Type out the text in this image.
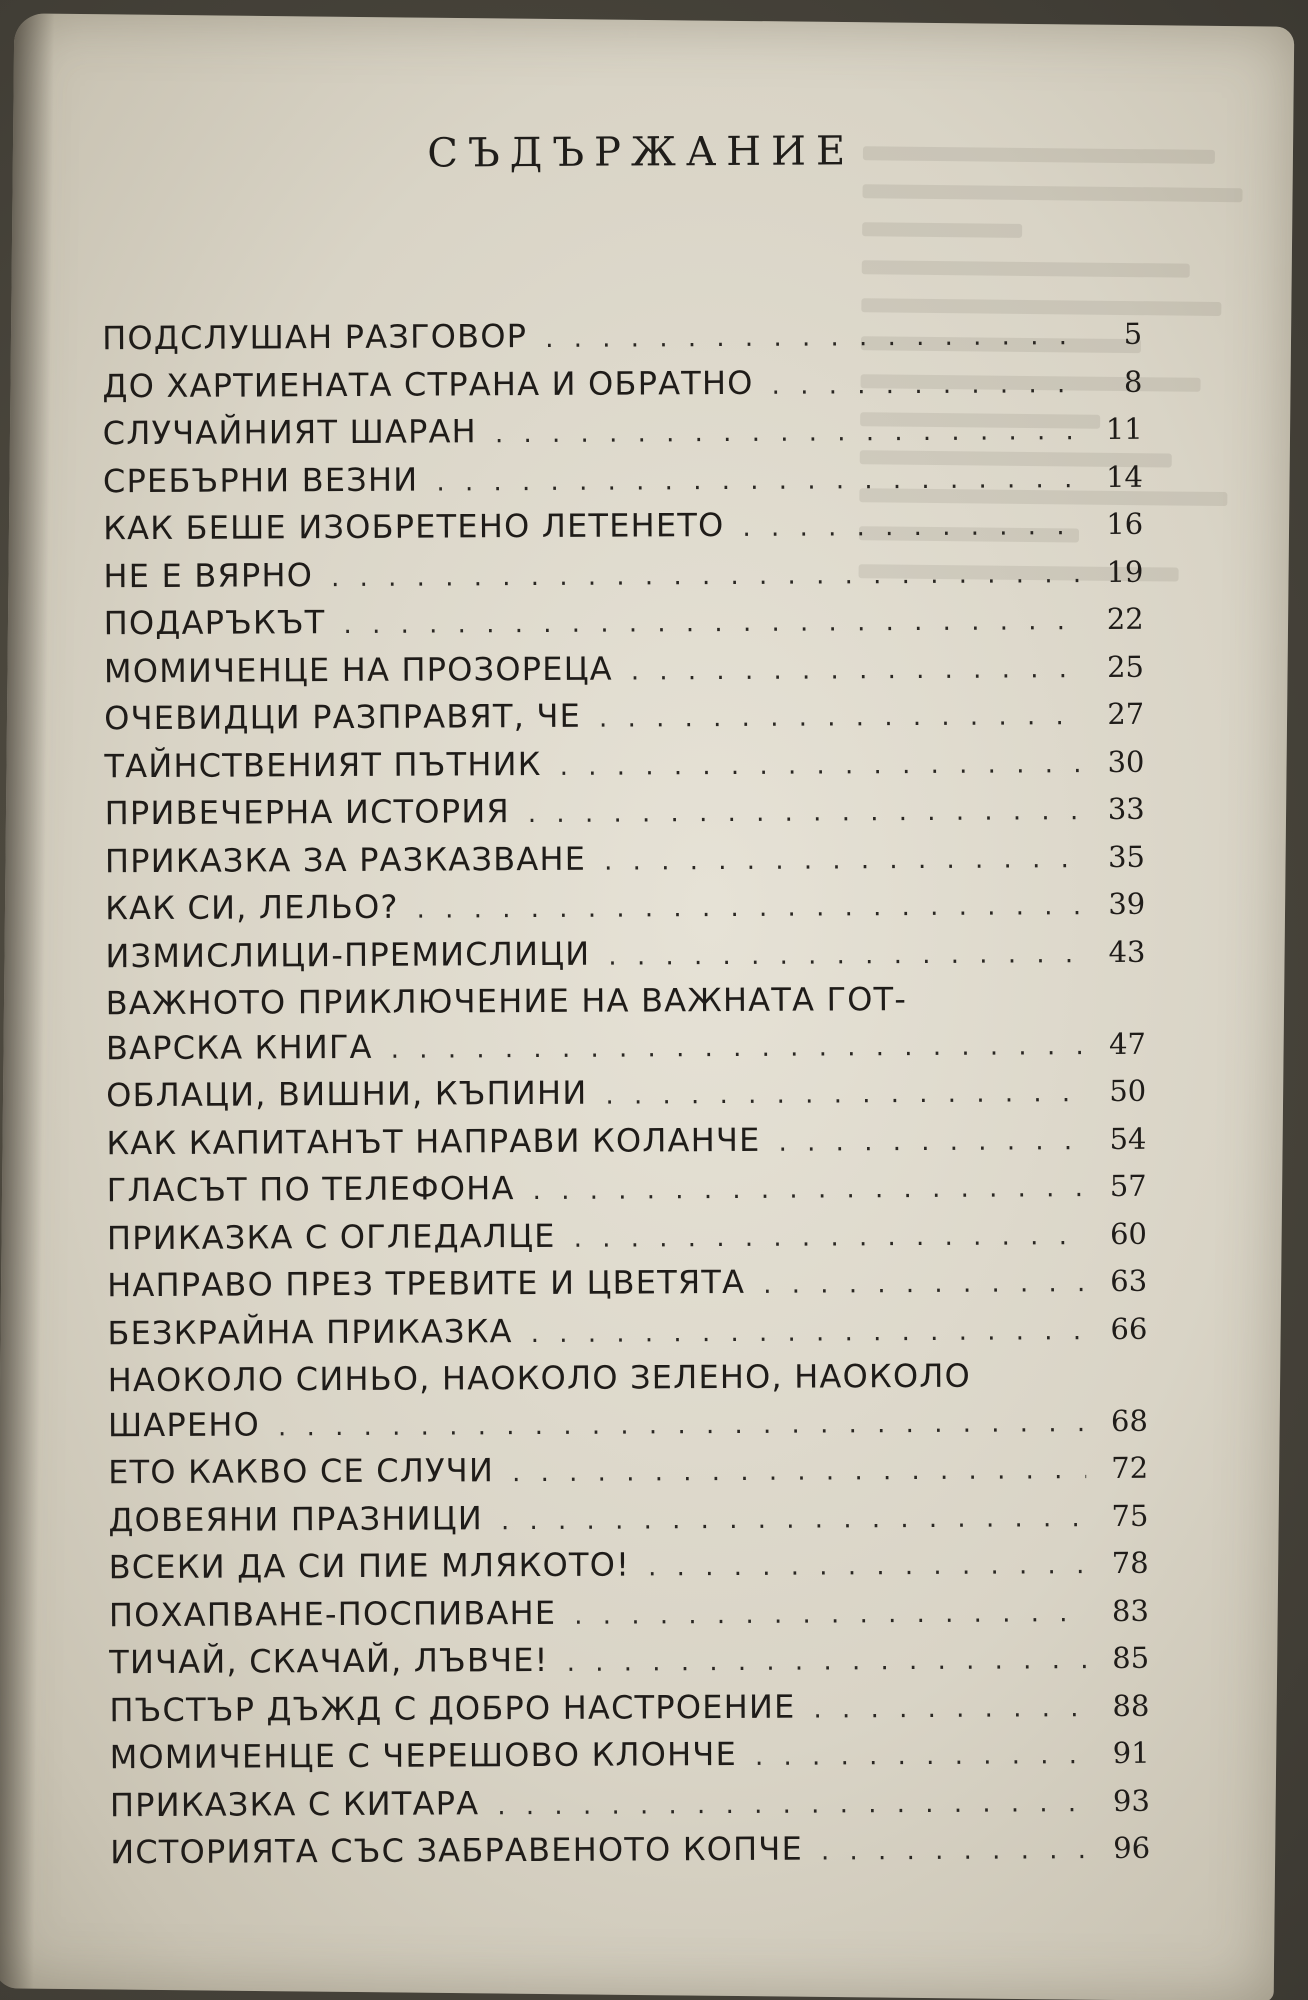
СЪДЪРЖАНИЕ
ПОДСЛУШАН РАЗГОВОР . . .	5
ДО ХАРТИЕНАТА СТРАНА И ОБРАТНО . . .	8
СЛУЧАЙНИЯТ ШАРАН . . .	11
СРЕБЪРНИ ВЕЗНИ . . .	14
КАК БЕШЕ ИЗОБРЕТЕНО ЛЕТЕНЕТО . . .	16
НЕ Е ВЯРНО . . .	19
ПОДАРЪКЪТ . . .	22
МОМИЧЕНЦЕ НА ПРОЗОРЕЦА . . .	25
ОЧЕВИДЦИ РАЗПРАВЯТ, ЧЕ . . .	27
ТАЙНСТВЕНИЯТ ПЪТНИК . . .	30
ПРИВЕЧЕРНА ИСТОРИЯ . . .	33
ПРИКАЗКА ЗА РАЗКАЗВАНЕ . . .	35
КАК СИ, ЛЕЛЬО? . . .	39
ИЗМИСЛИЦИ-ПРЕМИСЛИЦИ . . .	43
ВАЖНОТО ПРИКЛЮЧЕНИЕ НА ВАЖНАТА ГОТ-
ВАРСКА КНИГА . . .	47
ОБЛАЦИ, ВИШНИ, КЪПИНИ . . .	50
КАК КАПИТАНЪТ НАПРАВИ КОЛАНЧЕ . . .	54
ГЛАСЪТ ПО ТЕЛЕФОНА . . .	57
ПРИКАЗКА С ОГЛЕДАЛЦЕ . . .	60
НАПРАВО ПРЕЗ ТРЕВИТЕ И ЦВЕТЯТА . . .	63
БЕЗКРАЙНА ПРИКАЗКА . . .	66
НАОКОЛО СИНЬО, НАОКОЛО ЗЕЛЕНО, НАОКОЛО
ШАРЕНО . . .	68
ЕТО КАКВО СЕ СЛУЧИ . . .	72
ДОВЕЯНИ ПРАЗНИЦИ . . .	75
ВСЕКИ ДА СИ ПИЕ МЛЯКОТО! . . .	78
ПОХАПВАНЕ-ПОСПИВАНЕ . . .	83
ТИЧАЙ, СКАЧАЙ, ЛЪВЧЕ! . . .	85
ПЪСТЪР ДЪЖД С ДОБРО НАСТРОЕНИЕ . . .	88
МОМИЧЕНЦЕ С ЧЕРЕШОВО КЛОНЧЕ . . .	91
ПРИКАЗКА С КИТАРА . . .	93
ИСТОРИЯТА СЪС ЗАБРАВЕНОТО КОПЧЕ . . .	96
